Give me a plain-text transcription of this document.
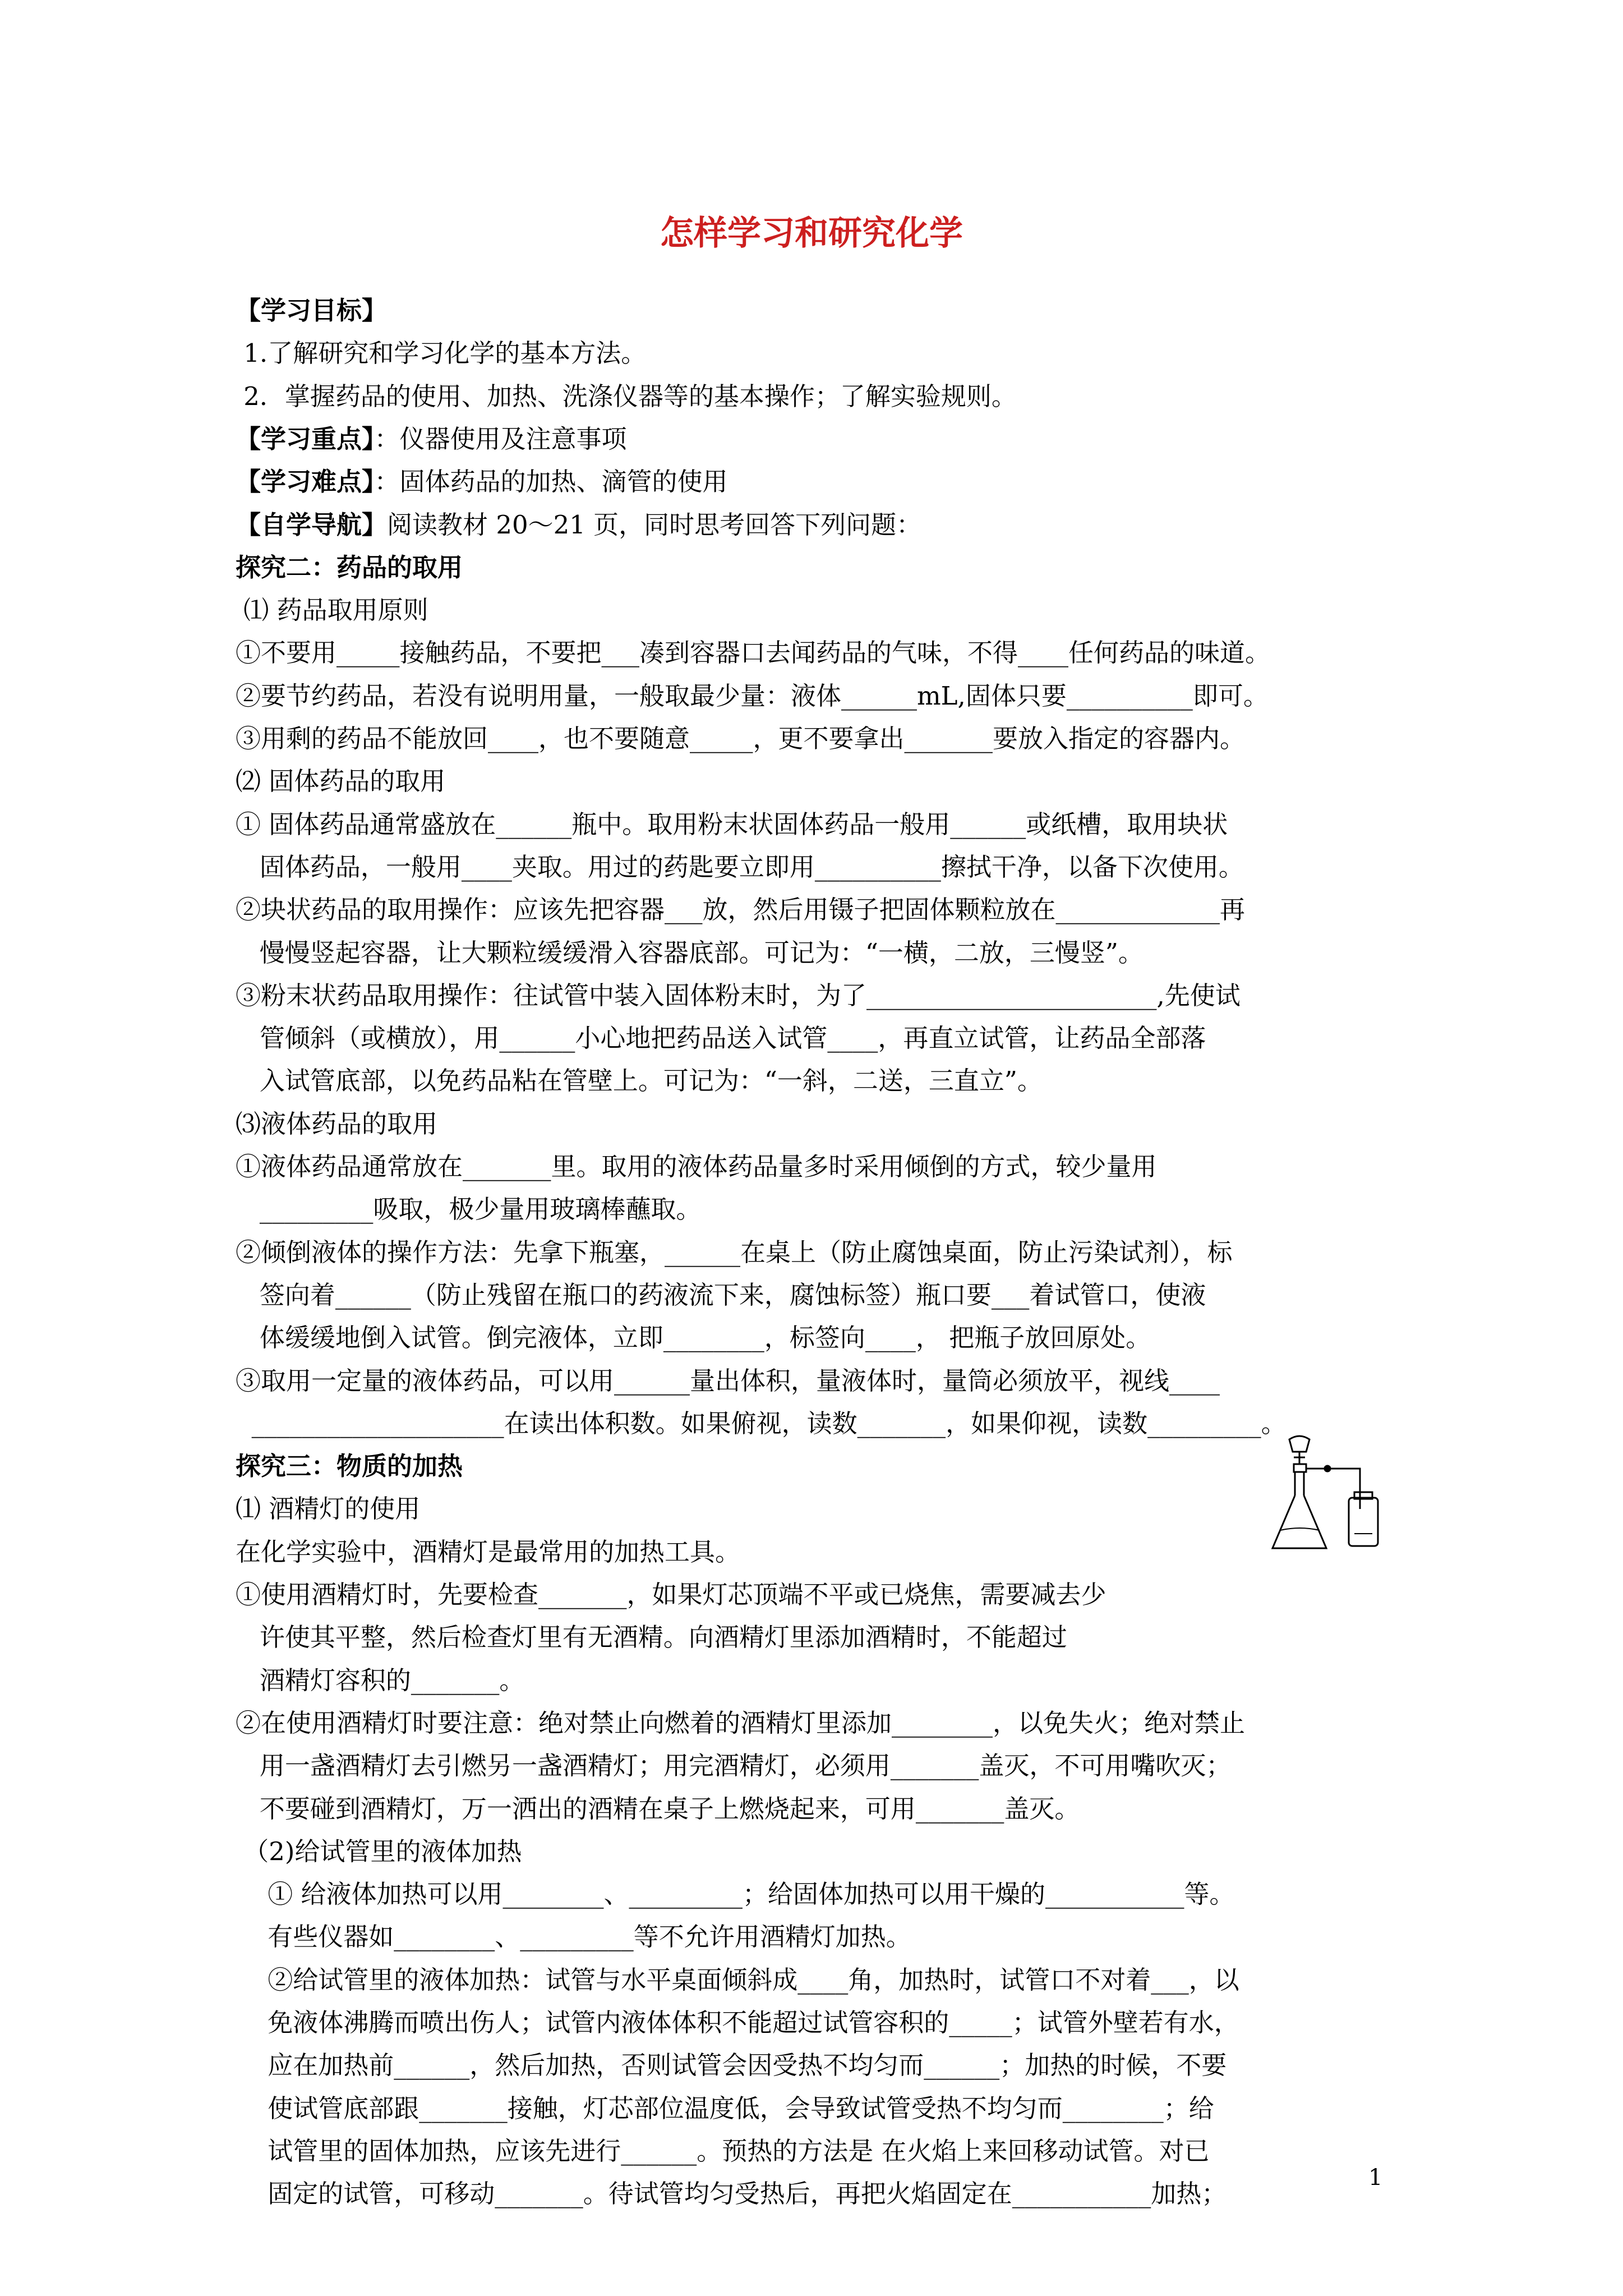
怎样学习和研究化学
【学习目标】
1.了解研究和学习化学的基本方法。
2．掌握药品的使用、加热、洗涤仪器等的基本操作；了解实验规则。
【学习重点】：仪器使用及注意事项
【学习难点】：固体药品的加热、滴管的使用
【自学导航】阅读教材 20～21 页，同时思考回答下列问题：
探究二：药品的取用
⑴ 药品取用原则
①不要用_____接触药品，不要把___凑到容器口去闻药品的气味，不得____任何药品的味道。
②要节约药品，若没有说明用量，一般取最少量：液体______mL,固体只要__________即可。
③用剩的药品不能放回____，也不要随意_____，更不要拿出_______要放入指定的容器内。
⑵ 固体药品的取用
① 固体药品通常盛放在______瓶中。取用粉末状固体药品一般用______或纸槽，取用块状
固体药品，一般用____夹取。用过的药匙要立即用__________擦拭干净，以备下次使用。
②块状药品的取用操作：应该先把容器___放，然后用镊子把固体颗粒放在_____________再
慢慢竖起容器，让大颗粒缓缓滑入容器底部。可记为：“一横，二放，三慢竖”。
③粉末状药品取用操作：往试管中装入固体粉末时，为了_______________________,先使试
管倾斜（或横放），用______小心地把药品送入试管____，再直立试管，让药品全部落
入试管底部，以免药品粘在管壁上。可记为：“一斜，二送，三直立”。
⑶液体药品的取用
①液体药品通常放在_______里。取用的液体药品量多时采用倾倒的方式，较少量用
_________吸取，极少量用玻璃棒蘸取。
②倾倒液体的操作方法：先拿下瓶塞，______在桌上（防止腐蚀桌面，防止污染试剂），标
签向着______（防止残留在瓶口的药液流下来，腐蚀标签）瓶口要___着试管口，使液
体缓缓地倒入试管。倒完液体，立即________，标签向____， 把瓶子放回原处。
③取用一定量的液体药品，可以用______量出体积，量液体时，量筒必须放平，视线____
____________________在读出体积数。如果俯视，读数_______，如果仰视，读数_________。
探究三：物质的加热
⑴ 酒精灯的使用
在化学实验中，酒精灯是最常用的加热工具。
①使用酒精灯时，先要检查_______，如果灯芯顶端不平或已烧焦，需要减去少
许使其平整，然后检查灯里有无酒精。向酒精灯里添加酒精时，不能超过
酒精灯容积的_______。
②在使用酒精灯时要注意：绝对禁止向燃着的酒精灯里添加________，以免失火；绝对禁止
用一盏酒精灯去引燃另一盏酒精灯；用完酒精灯，必须用_______盖灭，不可用嘴吹灭；
不要碰到酒精灯，万一洒出的酒精在桌子上燃烧起来，可用_______盖灭。
（2)给试管里的液体加热
① 给液体加热可以用________、_________；给固体加热可以用干燥的___________等。
有些仪器如________、_________等不允许用酒精灯加热。
②给试管里的液体加热：试管与水平桌面倾斜成____角，加热时，试管口不对着___，以
免液体沸腾而喷出伤人；试管内液体体积不能超过试管容积的_____；试管外壁若有水，
应在加热前______，然后加热，否则试管会因受热不均匀而______；加热的时候，不要
使试管底部跟_______接触，灯芯部位温度低，会导致试管受热不均匀而________；给
试管里的固体加热，应该先进行______。预热的方法是 在火焰上来回移动试管。对已
固定的试管，可移动_______。待试管均匀受热后，再把火焰固定在___________加热；
1
